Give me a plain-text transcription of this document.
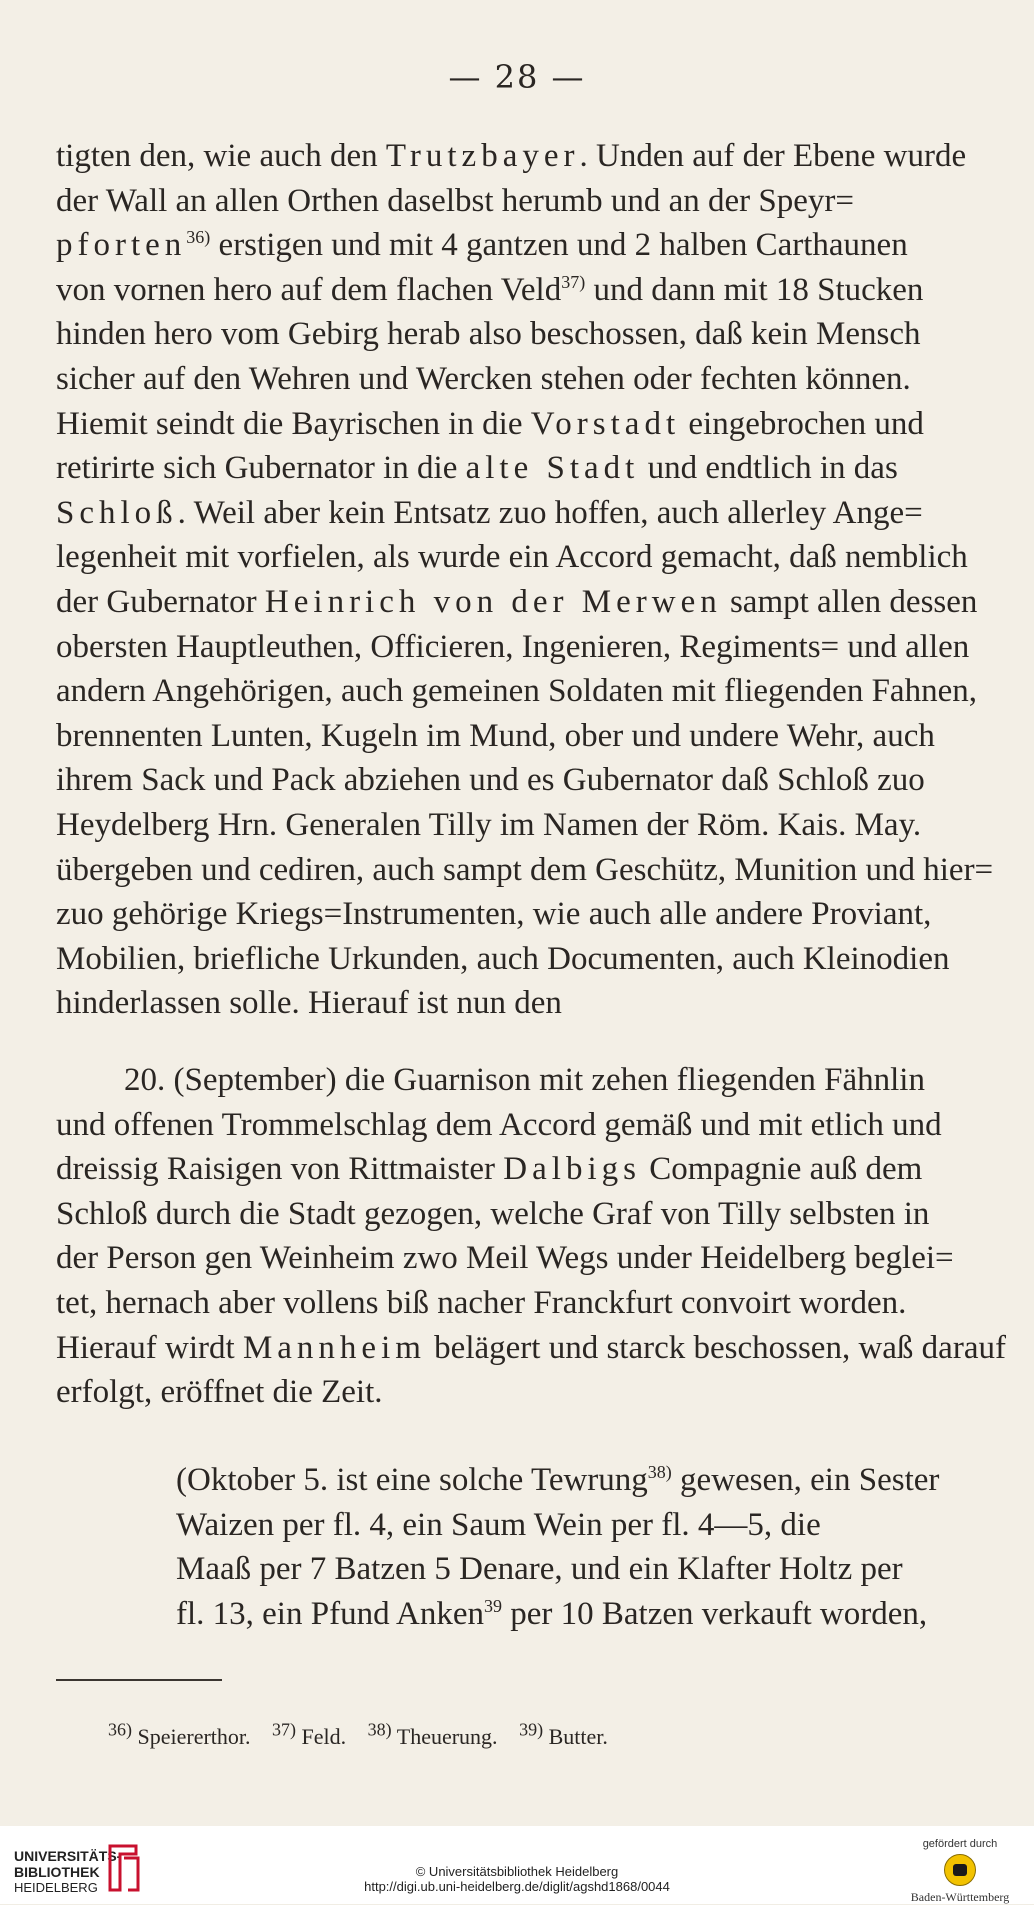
— 28 —
tigten den, wie auch den Trutzbayer. Unden auf der Ebene wurde
der Wall an allen Orthen daselbst herumb und an der Speyr=
pforten$^{36)}$ erstigen und mit 4 gantzen und 2 halben Carthaunen
von vornen hero auf dem flachen Veld$^{37)}$ und dann mit 18 Stucken
hinden hero vom Gebirg herab also beschossen, daß kein Mensch
sicher auf den Wehren und Wercken stehen oder fechten können.
Hiemit seindt die Bayrischen in die Vorstadt eingebrochen und
retirirte sich Gubernator in die alte Stadt und endtlich in das
Schloß. Weil aber kein Entsatz zuo hoffen, auch allerley Ange=
legenheit mit vorfielen, als wurde ein Accord gemacht, daß nemblich
der Gubernator Heinrich von der Merwen sampt allen dessen
obersten Hauptleuthen, Officieren, Ingenieren, Regiments= und allen
andern Angehörigen, auch gemeinen Soldaten mit fliegenden Fahnen,
brennenten Lunten, Kugeln im Mund, ober und undere Wehr, auch
ihrem Sack und Pack abziehen und es Gubernator daß Schloß zuo
Heydelberg Hrn. Generalen Tilly im Namen der Röm. Kais. May.
übergeben und cediren, auch sampt dem Geschütz, Munition und hier=
zuo gehörige Kriegs=Instrumenten, wie auch alle andere Proviant,
Mobilien, briefliche Urkunden, auch Documenten, auch Kleinodien
hinderlassen solle. Hierauf ist nun den
20. (September) die Guarnison mit zehen fliegenden Fähnlin
und offenen Trommelschlag dem Accord gemäß und mit etlich und
dreissig Raisigen von Rittmaister Dalbigs Compagnie auß dem
Schloß durch die Stadt gezogen, welche Graf von Tilly selbsten in
der Person gen Weinheim zwo Meil Wegs under Heidelberg beglei=
tet, hernach aber vollens biß nacher Franckfurt convoirt worden.
Hierauf wirdt Mannheim belägert und starck beschossen, waß darauf
erfolgt, eröffnet die Zeit.
(Oktober 5. ist eine solche Tewrung$^{38)}$ gewesen, ein Sester
Waizen per fl. 4, ein Saum Wein per fl. 4—5, die
Maaß per 7 Batzen 5 Denare, und ein Klafter Holtz per
fl. 13, ein Pfund Anken$^{39}$ per 10 Batzen verkauft worden,
$^{36)}$ Speiererthor. $^{37)}$ Feld. $^{38)}$ Theuerung. $^{39)}$ Butter.
UNIVERSITÄTS-
BIBLIOTHEK
HEIDELBERG
© Universitätsbibliothek Heidelberg
http://digi.ub.uni-heidelberg.de/diglit/agshd1868/0044
gefördert durch
Baden-Württemberg
